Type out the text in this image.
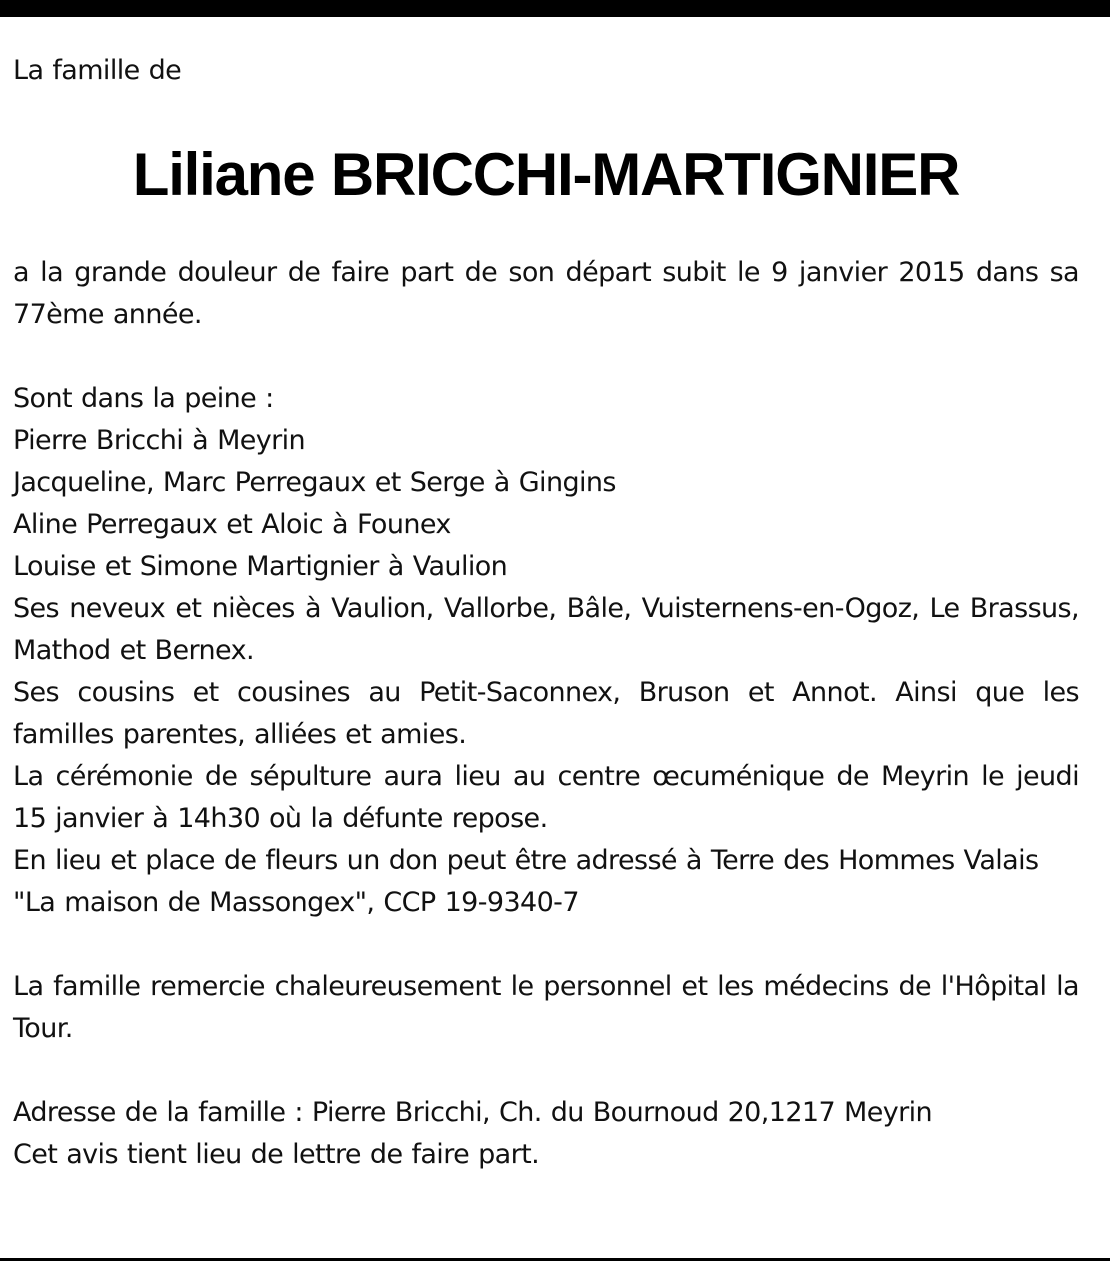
La famille de

Liliane BRICCHI-MARTIGNIER

a la grande douleur de faire part de son départ subit le 9 janvier 2015 dans sa 77ème année.

Sont dans la peine :
Pierre Bricchi à Meyrin
Jacqueline, Marc Perregaux et Serge à Gingins
Aline Perregaux et Aloic à Founex
Louise et Simone Martignier à Vaulion
Ses neveux et nièces à Vaulion, Vallorbe, Bâle, Vuisternens-en-Ogoz, Le Brassus, Mathod et Bernex.
Ses cousins et cousines au Petit-Saconnex, Bruson et Annot. Ainsi que les familles parentes, alliées et amies.
La cérémonie de sépulture aura lieu au centre œcuménique de Meyrin le jeudi 15 janvier à 14h30 où la défunte repose.
En lieu et place de fleurs un don peut être adressé à Terre des Hommes Valais
"La maison de Massongex", CCP 19-9340-7

La famille remercie chaleureusement le personnel et les médecins de l'Hôpital la Tour.

Adresse de la famille : Pierre Bricchi, Ch. du Bournoud 20,1217 Meyrin
Cet avis tient lieu de lettre de faire part.
